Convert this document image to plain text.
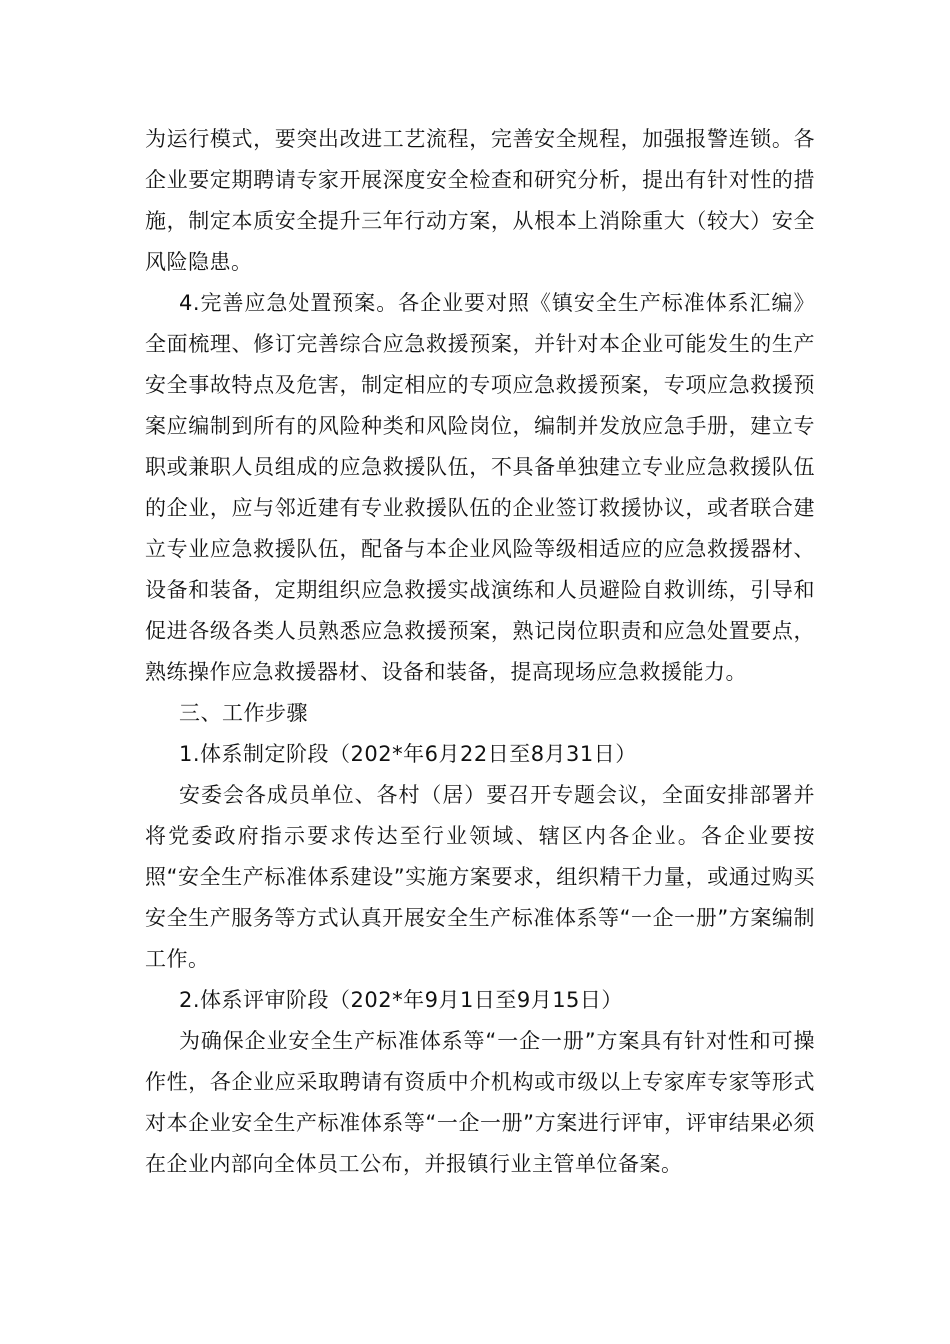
为运行模式，要突出改进工艺流程，完善安全规程，加强报警连锁。各企业要定期聘请专家开展深度安全检查和研究分析，提出有针对性的措施，制定本质安全提升三年行动方案，从根本上消除重大（较大）安全风险隐患。

4.完善应急处置预案。各企业要对照《镇安全生产标准体系汇编》全面梳理、修订完善综合应急救援预案，并针对本企业可能发生的生产安全事故特点及危害，制定相应的专项应急救援预案，专项应急救援预案应编制到所有的风险种类和风险岗位，编制并发放应急手册，建立专职或兼职人员组成的应急救援队伍，不具备单独建立专业应急救援队伍的企业，应与邻近建有专业救援队伍的企业签订救援协议，或者联合建立专业应急救援队伍，配备与本企业风险等级相适应的应急救援器材、设备和装备，定期组织应急救援实战演练和人员避险自救训练，引导和促进各级各类人员熟悉应急救援预案，熟记岗位职责和应急处置要点，熟练操作应急救援器材、设备和装备，提高现场应急救援能力。

三、工作步骤

1.体系制定阶段（202*年6月22日至8月31日）

安委会各成员单位、各村（居）要召开专题会议，全面安排部署并将党委政府指示要求传达至行业领域、辖区内各企业。各企业要按照“安全生产标准体系建设”实施方案要求，组织精干力量，或通过购买安全生产服务等方式认真开展安全生产标准体系等“一企一册”方案编制工作。

2.体系评审阶段（202*年9月1日至9月15日）

为确保企业安全生产标准体系等“一企一册”方案具有针对性和可操作性，各企业应采取聘请有资质中介机构或市级以上专家库专家等形式对本企业安全生产标准体系等“一企一册”方案进行评审，评审结果必须在企业内部向全体员工公布，并报镇行业主管单位备案。
